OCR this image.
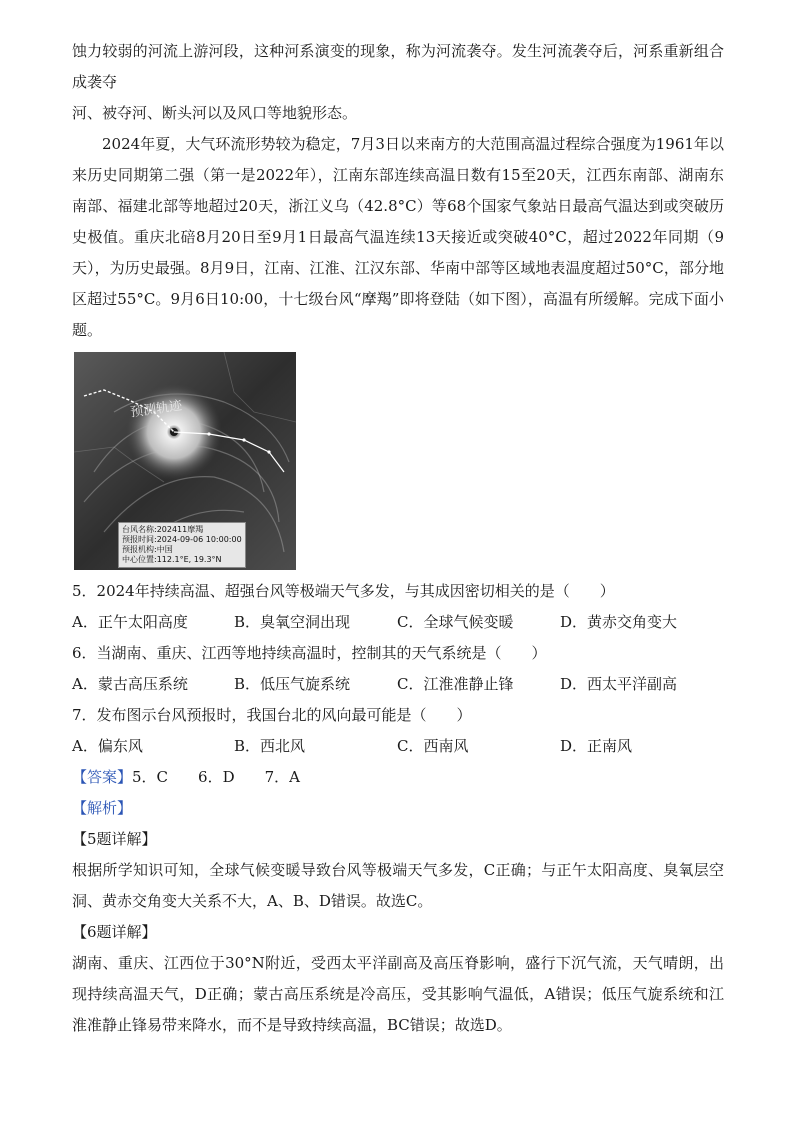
蚀力较弱的河流上游河段，这种河系演变的现象，称为河流袭夺。发生河流袭夺后，河系重新组合成袭夺

河、被夺河、断头河以及风口等地貌形态。

2024年夏，大气环流形势较为稳定，7月3日以来南方的大范围高温过程综合强度为1961年以来历史同期第二强（第一是2022年），江南东部连续高温日数有15至20天，江西东南部、湖南东南部、福建北部等地超过20天，浙江义乌（42.8°C）等68个国家气象站日最高气温达到或突破历史极值。重庆北碚8月20日至9月1日最高气温连续13天接近或突破40°C，超过2022年同期（9天），为历史最强。8月9日，江南、江淮、江汉东部、华南中部等区域地表温度超过50°C，部分地区超过55°C。9月6日10:00，十七级台风“摩羯”即将登陆（如下图），高温有所缓解。完成下面小题。

预测轨迹
台风名称:202411摩羯
预报时间:2024-09-06 10:00:00
预报机构:中国
中心位置:112.1°E, 19.3°N

5．2024年持续高温、超强台风等极端天气多发，与其成因密切相关的是（　　）

A．正午太阳高度	B．臭氧空洞出现	C．全球气候变暖	D．黄赤交角变大

6．当湖南、重庆、江西等地持续高温时，控制其的天气系统是（　　）

A．蒙古高压系统	B．低压气旋系统	C．江淮准静止锋	D．西太平洋副高

7．发布图示台风预报时，我国台北的风向最可能是（　　）

A．偏东风	B．西北风	C．西南风	D．正南风

【答案】5．C　　6．D　　7．A

【解析】

【5题详解】

根据所学知识可知，全球气候变暖导致台风等极端天气多发，C正确；与正午太阳高度、臭氧层空洞、黄赤交角变大关系不大，A、B、D错误。故选C。

【6题详解】

湖南、重庆、江西位于30°N附近，受西太平洋副高及高压脊影响，盛行下沉气流，天气晴朗，出现持续高温天气，D正确；蒙古高压系统是冷高压，受其影响气温低，A错误；低压气旋系统和江淮准静止锋易带来降水，而不是导致持续高温，BC错误；故选D。
